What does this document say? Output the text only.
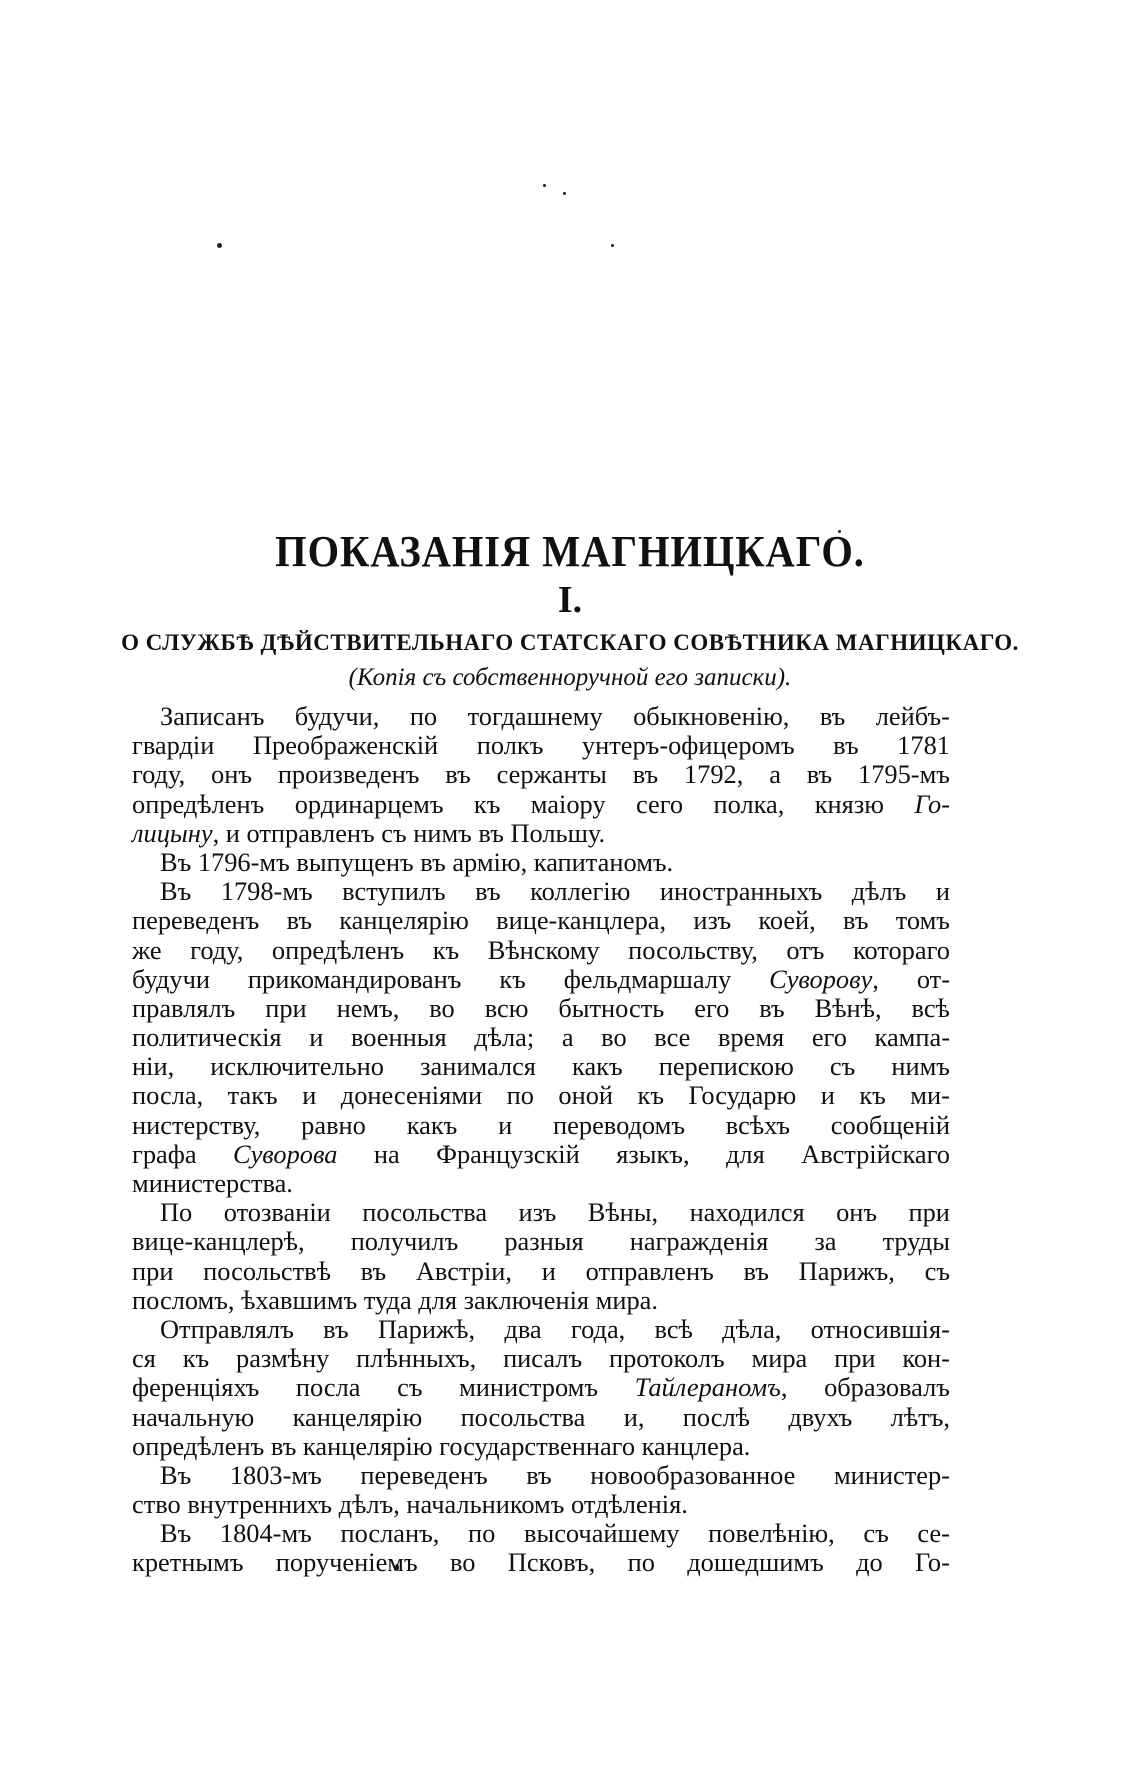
ПОКАЗАНІЯ МАГНИЦКАГО.
I.
О СЛУЖБѢ ДѢЙСТВИТЕЛЬНАГО СТАТСКАГО СОВѢТНИКА МАГНИЦКАГО.
(Копія съ собственноручной его записки).
Записанъ будучи, по тогдашнему обыкновенію, въ лейбъ-
гвардіи Преображенскій полкъ унтеръ-офицеромъ въ 1781
году, онъ произведенъ въ сержанты въ 1792, а въ 1795-мъ
опредѣленъ ординарцемъ къ маіору сего полка, князю Го-
лицыну , и отправленъ съ нимъ въ Польшу.
Въ 1796-мъ выпущенъ въ армію, капитаномъ.
Въ 1798-мъ вступилъ въ коллегію иностранныхъ дѣлъ и
переведенъ въ канцелярію вице-канцлера, изъ коей, въ томъ
же году, опредѣленъ къ Вѣнскому посольству, отъ котораго
будучи прикомандированъ къ фельдмаршалу Суворову, от-
правлялъ при немъ, во всю бытность его въ Вѣнѣ, всѣ
политическія и военныя дѣла; а во все время его кампа-
ніи, исключительно занимался какъ перепискою съ нимъ
посла, такъ и донесеніями по оной къ Государю и къ ми-
нистерству, равно какъ и переводомъ всѣхъ сообщеній
графа Суворова на Французскій языкъ, для Австрійскаго
министерства.
По отозваніи посольства изъ Вѣны, находился онъ при
вице-канцлерѣ, получилъ разныя награжденія за труды
при посольствѣ въ Австріи, и отправленъ въ Парижъ, съ
посломъ, ѣхавшимъ туда для заключенія мира.
Отправлялъ въ Парижѣ, два года, всѣ дѣла, относившія-
ся къ размѣну плѣнныхъ, писалъ протоколъ мира при кон-
ференціяхъ посла съ министромъ Тайлераномъ, образовалъ
начальную канцелярію посольства и, послѣ двухъ лѣтъ,
опредѣленъ въ канцелярію государственнаго канцлера.
Въ 1803-мъ переведенъ въ новообразованное министер-
ство внутреннихъ дѣлъ, начальникомъ отдѣленія.
Въ 1804-мъ посланъ, по высочайшему повелѣнію, съ се-
кретнымъ порученіемъ во Псковъ, по дошедшимъ до Го-
